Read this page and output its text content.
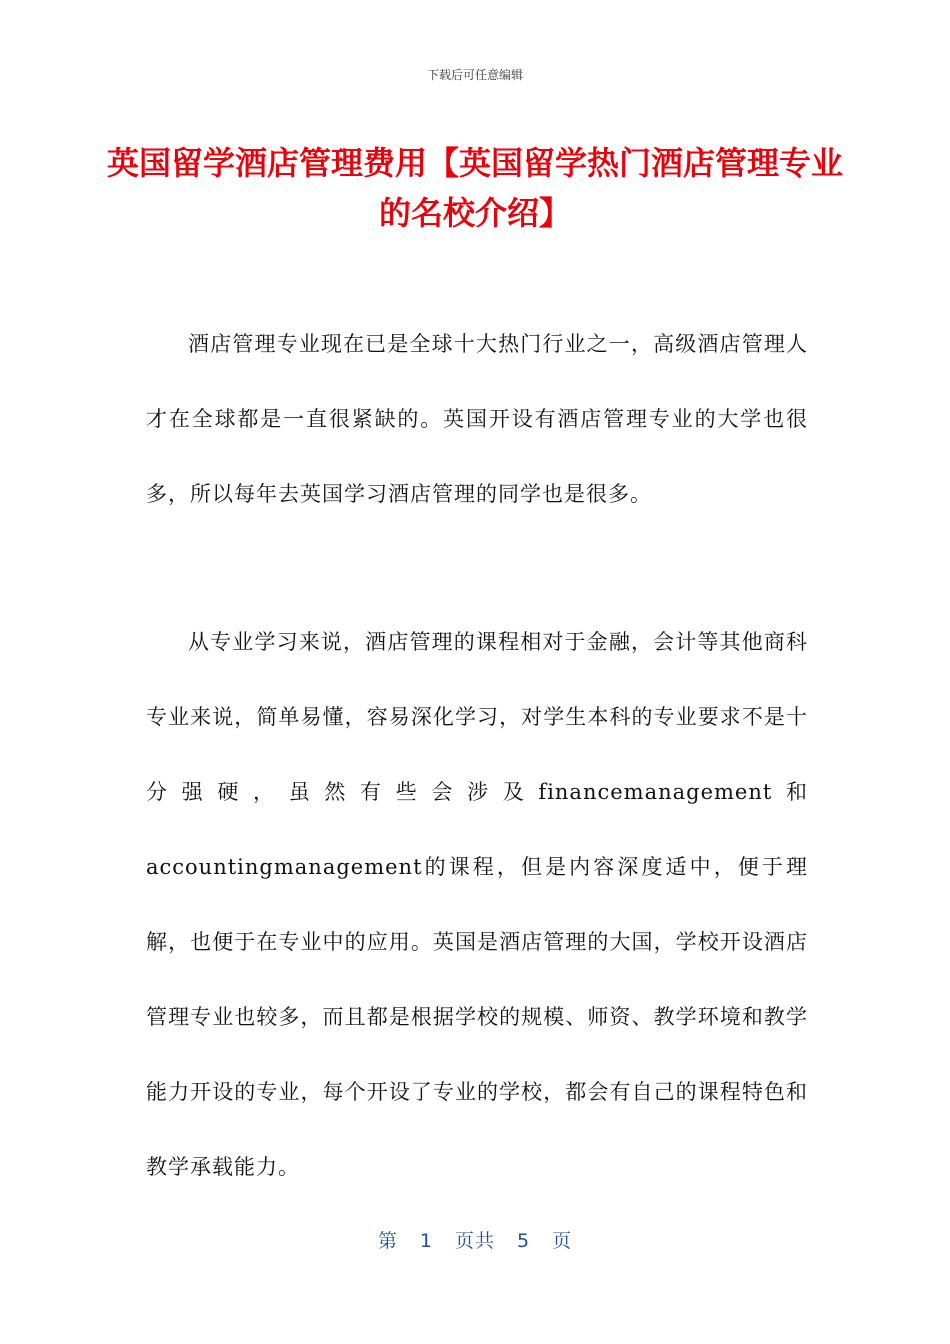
下载后可任意编辑
英国留学酒店管理费用【英国留学热门酒店管理专业的名校介绍】

酒店管理专业现在已是全球十大热门行业之一，高级酒店管理人才在全球都是一直很紧缺的。英国开设有酒店管理专业的大学也很多，所以每年去英国学习酒店管理的同学也是很多。

从专业学习来说，酒店管理的课程相对于金融，会计等其他商科专业来说，简单易懂，容易深化学习，对学生本科的专业要求不是十分强硬，虽然有些会涉及financemanagement和accountingmanagement的课程，但是内容深度适中，便于理解，也便于在专业中的应用。英国是酒店管理的大国，学校开设酒店管理专业也较多，而且都是根据学校的规模、师资、教学环境和教学能力开设的专业，每个开设了专业的学校，都会有自己的课程特色和教学承载能力。

第 1 页共 5 页
